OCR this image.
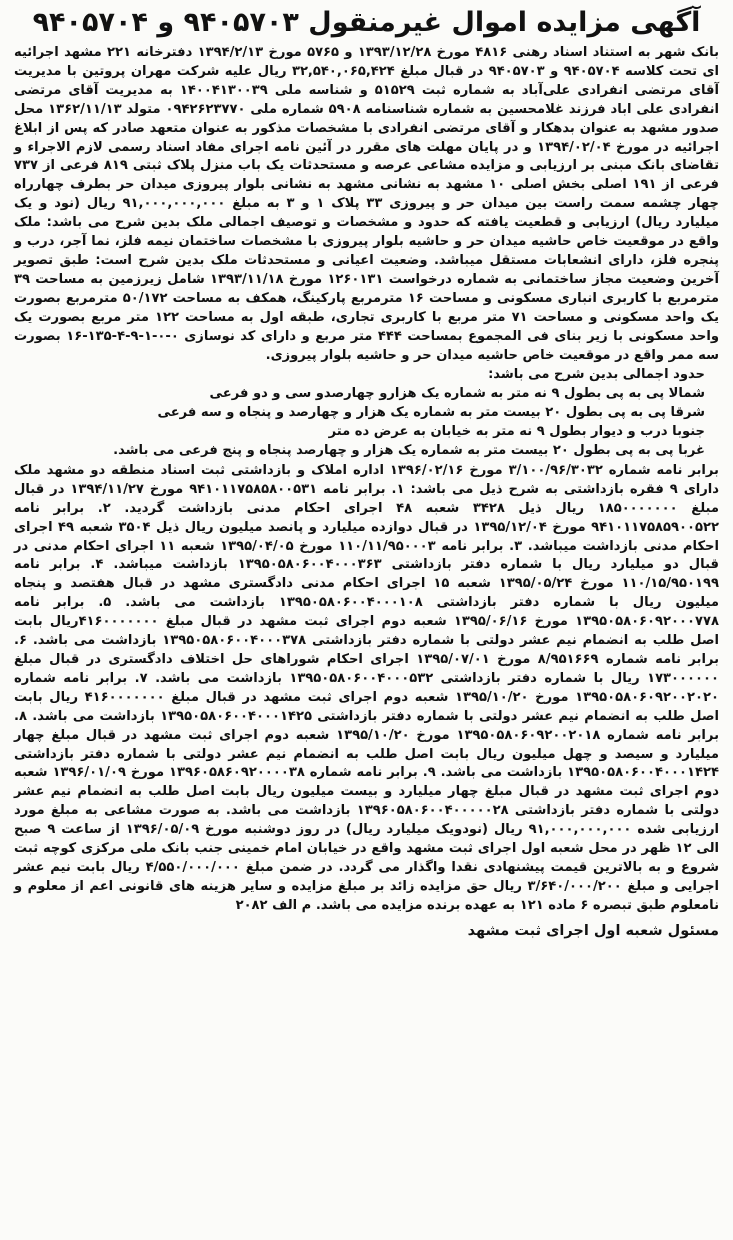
آگهی مزایده اموال غیرمنقول ۹۴۰۵۷۰۳ و ۹۴۰۵۷۰۴

بانک شهر به استناد اسناد رهنی ۴۸۱۶ مورخ ۱۳۹۳/۱۲/۲۸ و ۵۷۶۵ مورخ ۱۳۹۴/۲/۱۳ دفترخانه ۲۲۱ مشهد اجرائیه ای تحت کلاسه ۹۴۰۵۷۰۴ و ۹۴۰۵۷۰۳ در قبال مبلغ ۳۲,۵۴۰,۰۶۵,۴۲۴ ریال علیه شرکت مهران پروتین با مدیریت آقای مرتضی انفرادی علی‌آباد به شماره ثبت ۵۱۵۲۹ و شناسه ملی ۱۴۰۰۴۱۳۰۰۳۹ به مدیریت آقای مرتضی انفرادی علی اباد فرزند غلامحسین به شماره شناسنامه ۵۹۰۸ شماره ملی ۰۹۴۲۶۲۳۷۷۰ متولد ۱۳۶۲/۱۱/۱۳ محل صدور مشهد به عنوان بدهکار و آقای مرتضی انفرادی با مشخصات مذکور به عنوان متعهد صادر که پس از ابلاغ اجرائیه در مورخ ۱۳۹۴/۰۲/۰۴ و در پایان مهلت های مقرر در آئین نامه اجرای مفاد اسناد رسمی لازم الاجراء و تقاضای بانک مبنی بر ارزیابی و مزایده مشاعی عرصه و مستحدثات یک باب منزل پلاک ثبتی ۸۱۹ فرعی از ۷۳۷ فرعی از ۱۹۱ اصلی بخش اصلی ۱۰ مشهد به نشانی مشهد به نشانی بلوار پیروزی میدان حر بطرف چهارراه چهار چشمه سمت راست بین میدان حر و پیروزی ۳۳ پلاک ۱ و ۳ به مبلغ ۹۱,۰۰۰,۰۰۰,۰۰۰ ریال (نود و یک میلیارد ریال) ارزیابی و قطعیت یافته که حدود و مشخصات و توصیف اجمالی ملک بدین شرح می باشد: ملک واقع در موقعیت خاص حاشیه میدان حر و حاشیه بلوار پیروزی با مشخصات ساختمان نیمه فلز، نما آجر، درب و پنجره فلز، دارای انشعابات مستقل میباشد. وضعیت اعیانی و مستحدثات ملک بدین شرح است: طبق تصویر آخرین وضعیت مجاز ساختمانی به شماره درخواست ۱۲۶۰۱۳۱ مورخ ۱۳۹۳/۱۱/۱۸ شامل زیرزمین به مساحت ۳۹ مترمربع با کاربری انباری مسکونی و مساحت ۱۶ مترمربع پارکینگ، همکف به مساحت ۵۰/۱۷۲ مترمربع بصورت یک واحد مسکونی و مساحت ۷۱ متر مربع با کاربری تجاری، طبقه اول به مساحت ۱۲۲ متر مربع بصورت یک واحد مسکونی با زیر بنای فی المجموع بمساحت ۴۴۴ متر مربع و دارای کد نوسازی ۰-۰-۱-۹-۴-۱۳۵-۱۶ بصورت سه ممر واقع در موقعیت خاص حاشیه میدان حر و حاشیه بلوار پیروزی.

حدود اجمالی بدین شرح می باشد:
شمالا پی به پی بطول ۹ نه متر به شماره یک هزارو چهارصدو سی و دو فرعی
شرقا پی به پی بطول ۲۰ بیست متر به شماره یک هزار و چهارصد و پنجاه و سه فرعی
جنوبا درب و دیوار بطول ۹ نه متر به خیابان به عرض ده متر
غربا پی به پی بطول ۲۰ بیست متر به شماره یک هزار و چهارصد پنجاه و پنج فرعی می باشد.

برابر نامه شماره ۳/۱۰۰/۹۶/۳۰۳۲ مورخ ۱۳۹۶/۰۲/۱۶ اداره املاک و بازداشتی ثبت اسناد منطقه دو مشهد ملک دارای ۹ فقره بازداشتی به شرح ذیل می باشد: ۱. برابر نامه ۹۴۱۰۱۱۷۵۸۵۸۰۰۵۳۱ مورخ ۱۳۹۴/۱۱/۲۷ در قبال مبلغ ۱۸۵۰۰۰۰۰۰۰ ریال ذیل ۳۴۲۸ شعبه ۴۸ اجرای احکام مدنی بازداشت گردید. ۲. برابر نامه ۹۴۱۰۱۱۷۵۸۵۹۰۰۵۲۲ مورخ ۱۳۹۵/۱۲/۰۴ در قبال دوازده میلیارد و پانصد میلیون ریال ذیل ۳۵۰۴ شعبه ۴۹ اجرای احکام مدنی بازداشت میباشد. ۳. برابر نامه ۱۱۰/۱۱/۹۵۰۰۰۳ مورخ ۱۳۹۵/۰۴/۰۵ شعبه ۱۱ اجرای احکام مدنی در قبال دو میلیارد ریال با شماره دفتر بازداشتی ۱۳۹۵۰۵۸۰۶۰۰۴۰۰۰۳۶۳ بازداشت میباشد. ۴. برابر نامه ۱۱۰/۱۵/۹۵۰۱۹۹ مورخ ۱۳۹۵/۰۵/۲۴ شعبه ۱۵ اجرای احکام مدنی دادگستری مشهد در قبال هفتصد و پنجاه میلیون ریال با شماره دفتر بازداشتی ۱۳۹۵۰۵۸۰۶۰۰۴۰۰۰۱۰۸ بازداشت می باشد. ۵. برابر نامه ۱۳۹۵۰۵۸۰۶۰۹۲۰۰۰۷۷۸ مورخ ۱۳۹۵/۰۶/۱۶ شعبه دوم اجرای ثبت مشهد در قبال مبلغ ۴۱۶۰۰۰۰۰۰۰ریال بابت اصل طلب به انضمام نیم عشر دولتی با شماره دفتر بازداشتی ۱۳۹۵۰۵۸۰۶۰۰۴۰۰۰۳۷۸ بازداشت می باشد. ۶. برابر نامه شماره ۸/۹۵۱۶۶۹ مورخ ۱۳۹۵/۰۷/۰۱ اجرای احکام شوراهای حل اختلاف دادگستری در قبال مبلغ ۱۷۳۰۰۰۰۰۰ ریال با شماره دفتر بازداشتی ۱۳۹۵۰۵۸۰۶۰۰۴۰۰۰۵۳۲ بازداشت می باشد. ۷. برابر نامه شماره ۱۳۹۵۰۵۸۰۶۰۹۲۰۰۲۰۲۰ مورخ ۱۳۹۵/۱۰/۲۰ شعبه دوم اجرای ثبت مشهد در قبال مبلغ ۴۱۶۰۰۰۰۰۰۰ ریال بابت اصل طلب به انضمام نیم عشر دولتی با شماره دفتر بازداشتی ۱۳۹۵۰۵۸۰۶۰۰۴۰۰۰۱۴۲۵ بازداشت می باشد. ۸. برابر نامه شماره ۱۳۹۵۰۵۸۰۶۰۹۲۰۰۲۰۱۸ مورخ ۱۳۹۵/۱۰/۲۰ شعبه دوم اجرای ثبت مشهد در قبال مبلغ چهار میلیارد و سیصد و چهل میلیون ریال بابت اصل طلب به انضمام نیم عشر دولتی با شماره دفتر بازداشتی ۱۳۹۵۰۵۸۰۶۰۰۴۰۰۰۱۴۲۴ بازداشت می باشد. ۹. برابر نامه شماره ۱۳۹۶۰۵۸۶۰۹۲۰۰۰۰۳۸ مورخ ۱۳۹۶/۰۱/۰۹ شعبه دوم اجرای ثبت مشهد در قبال مبلغ چهار میلیارد و بیست میلیون ریال بابت اصل طلب به انضمام نیم عشر دولتی با شماره دفتر بازداشتی ۱۳۹۶۰۵۸۰۶۰۰۴۰۰۰۰۰۲۸ بازداشت می باشد. به صورت مشاعی به مبلغ مورد ارزیابی شده ۹۱,۰۰۰,۰۰۰,۰۰۰ ریال (نودویک میلیارد ریال) در روز دوشنبه مورخ ۱۳۹۶/۰۵/۰۹ از ساعت ۹ صبح الی ۱۲ ظهر در محل شعبه اول اجرای ثبت مشهد واقع در خیابان امام خمینی جنب بانک ملی مرکزی کوچه ثبت شروع و به بالاترین قیمت پیشنهادی نقدا واگذار می گردد. در ضمن مبلغ ۴/۵۵۰/۰۰۰/۰۰۰ ریال بابت نیم عشر اجرایی و مبلغ ۳/۶۴۰/۰۰۰/۲۰۰ ریال حق مزایده زائد بر مبلغ مزایده و سایر هزینه های قانونی اعم از معلوم و نامعلوم طبق تبصره ۶ ماده ۱۲۱ به عهده برنده مزایده می باشد. م الف ۲۰۸۲

مسئول شعبه اول اجرای ثبت مشهد
